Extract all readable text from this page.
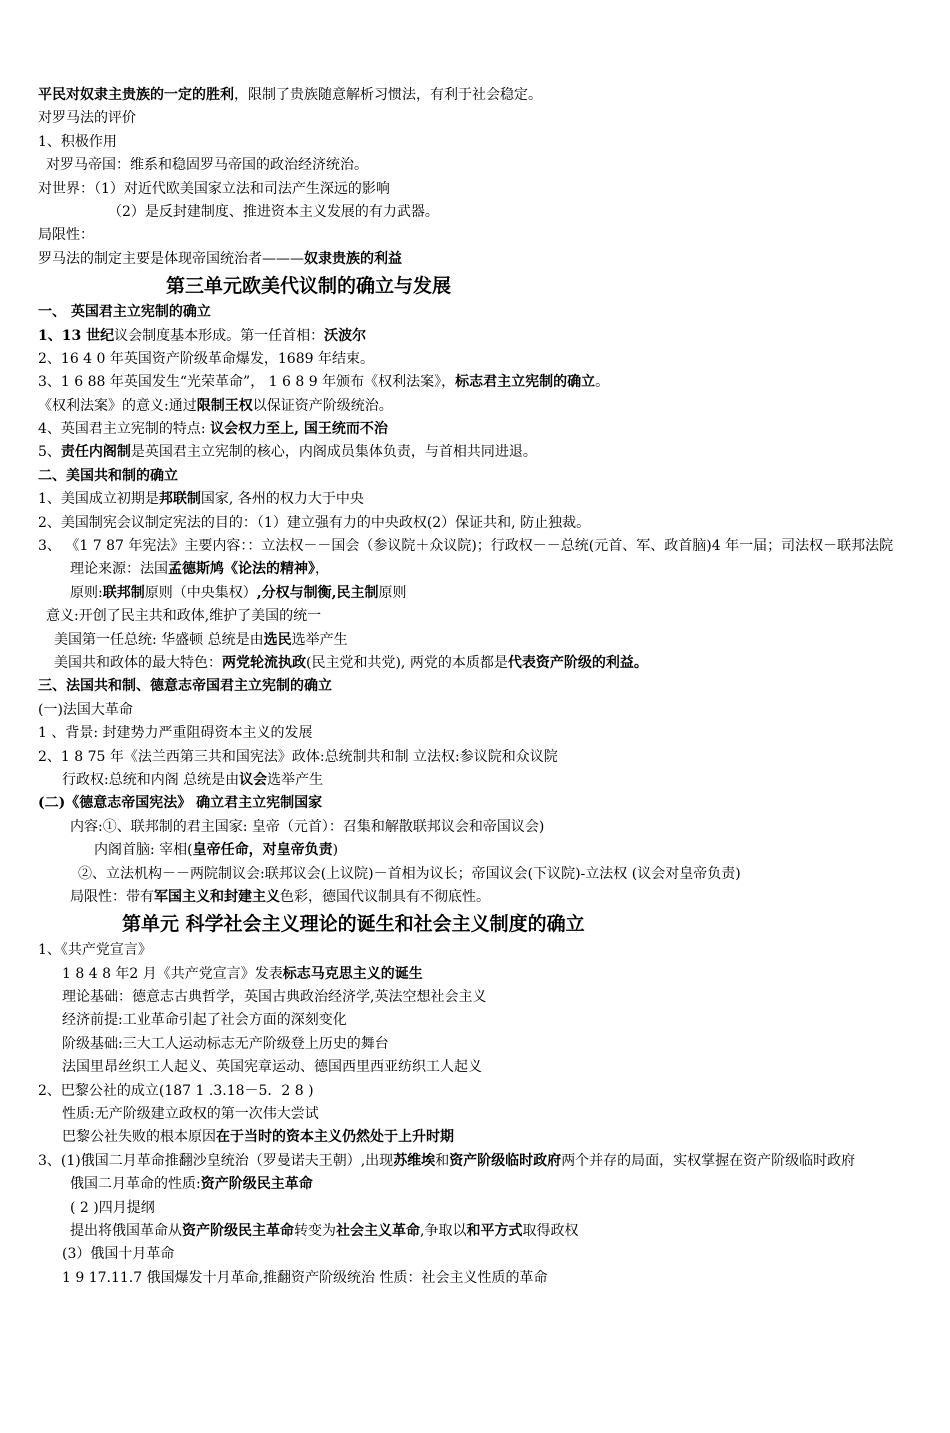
平民对奴隶主贵族的一定的胜利，限制了贵族随意解析习惯法，有利于社会稳定。
对罗马法的评价
1、积极作用
对罗马帝国：维系和稳固罗马帝国的政治经济统治。
对世界：（1）对近代欧美国家立法和司法产生深远的影响
（2）是反封建制度、推进资本主义发展的有力武器。
局限性：
罗马法的制定主要是体现帝国统治者———奴隶贵族的利益
第三单元欧美代议制的确立与发展
一、 英国君主立宪制的确立
1、13 世纪议会制度基本形成。第一任首相：沃波尔
2、16 4 0 年英国资产阶级革命爆发，1689 年结束。
3、1 6 88 年英国发生“光荣革命”， 1 6 8 9 年颁布《权利法案》，标志君主立宪制的确立。
《权利法案》的意义:通过限制王权以保证资产阶级统治。
4、英国君主立宪制的特点: 议会权力至上, 国王统而不治
5、责任内阁制是英国君主立宪制的核心，内阁成员集体负责，与首相共同进退。
二、美国共和制的确立
1、美国成立初期是邦联制国家, 各州的权力大于中央
2、美国制宪会议制定宪法的目的：（1）建立强有力的中央政权(2）保证共和, 防止独裁。
3、 《1 7 87 年宪法》主要内容：：立法权－－国会（参议院＋众议院)；行政权－－总统(元首、军、政首脑)4 年一届；司法权－联邦法院
理论来源：法国孟德斯鸠《论法的精神》，
原则:联邦制原则（中央集权）,分权与制衡,民主制原则
意义:开创了民主共和政体,维护了美国的统一
美国第一任总统: 华盛顿 总统是由选民选举产生
美国共和政体的最大特色：两党轮流执政(民主党和共党), 两党的本质都是代表资产阶级的利益。
三、法国共和制、德意志帝国君主立宪制的确立
(一)法国大革命
1 、背景: 封建势力严重阻碍资本主义的发展
2、1 8 75 年《法兰西第三共和国宪法》政体:总统制共和制 立法权:参议院和众议院
行政权:总统和内阁 总统是由议会选举产生
(二)《德意志帝国宪法》 确立君主立宪制国家
内容:①、联邦制的君主国家: 皇帝（元首）：召集和解散联邦议会和帝国议会)
内阁首脑: 宰相(皇帝任命，对皇帝负责)
②、立法机构－－两院制议会:联邦议会(上议院)－首相为议长；帝国议会(下议院)-立法权 (议会对皇帝负责)
局限性：带有军国主义和封建主义色彩，德国代议制具有不彻底性。
第单元 科学社会主义理论的诞生和社会主义制度的确立
1、《共产党宣言》
1 8 4 8 年2 月《共产党宣言》发表标志马克思主义的诞生
理论基础：德意志古典哲学，英国古典政治经济学,英法空想社会主义
经济前提:工业革命引起了社会方面的深刻变化
阶级基础:三大工人运动标志无产阶级登上历史的舞台
法国里昂丝织工人起义、英国宪章运动、德国西里西亚纺织工人起义
2、巴黎公社的成立(187 1 .3.18－5．2 8 )
性质:无产阶级建立政权的第一次伟大尝试
巴黎公社失败的根本原因在于当时的资本主义仍然处于上升时期
3、(1)俄国二月革命推翻沙皇统治（罗曼诺夫王朝）,出现苏维埃和资产阶级临时政府两个并存的局面，实权掌握在资产阶级临时政府
俄国二月革命的性质:资产阶级民主革命
( 2 )四月提纲
提出将俄国革命从资产阶级民主革命转变为社会主义革命,争取以和平方式取得政权
(3）俄国十月革命
1 9 17.11.7 俄国爆发十月革命,推翻资产阶级统治 性质：社会主义性质的革命
